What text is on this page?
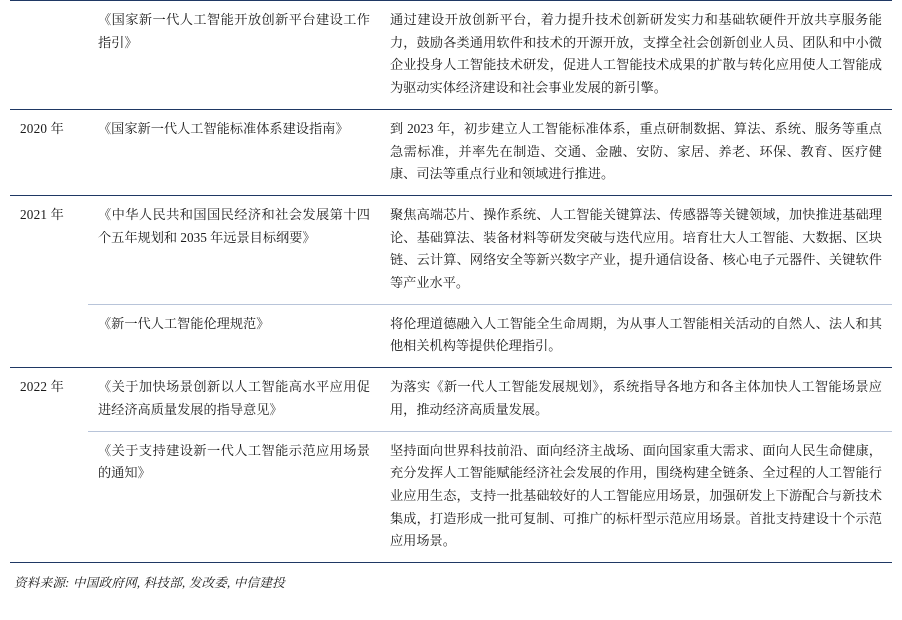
	《国家新一代人工智能开放创新平台建设工作指引》	通过建设开放创新平台，着力提升技术创新研发实力和基础软硬件开放共享服务能力，鼓励各类通用软件和技术的开源开放，支撑全社会创新创业人员、团队和中小微企业投身人工智能技术研发，促进人工智能技术成果的扩散与转化应用使人工智能成为驱动实体经济建设和社会事业发展的新引擎。
2020 年	《国家新一代人工智能标准体系建设指南》	到 2023 年，初步建立人工智能标准体系，重点研制数据、算法、系统、服务等重点急需标准，并率先在制造、交通、金融、安防、家居、养老、环保、教育、医疗健康、司法等重点行业和领域进行推进。
2021 年	《中华人民共和国国民经济和社会发展第十四个五年规划和 2035 年远景目标纲要》	聚焦高端芯片、操作系统、人工智能关键算法、传感器等关键领域，加快推进基础理论、基础算法、装备材料等研发突破与迭代应用。培育壮大人工智能、大数据、区块链、云计算、网络安全等新兴数字产业，提升通信设备、核心电子元器件、关键软件等产业水平。
	《新一代人工智能伦理规范》	将伦理道德融入人工智能全生命周期，为从事人工智能相关活动的自然人、法人和其他相关机构等提供伦理指引。
2022 年	《关于加快场景创新以人工智能高水平应用促进经济高质量发展的指导意见》	为落实《新一代人工智能发展规划》，系统指导各地方和各主体加快人工智能场景应用，推动经济高质量发展。
	《关于支持建设新一代人工智能示范应用场景的通知》	坚持面向世界科技前沿、面向经济主战场、面向国家重大需求、面向人民生命健康，充分发挥人工智能赋能经济社会发展的作用，围绕构建全链条、全过程的人工智能行业应用生态，支持一批基础较好的人工智能应用场景，加强研发上下游配合与新技术集成，打造形成一批可复制、可推广的标杆型示范应用场景。首批支持建设十个示范应用场景。
资料来源: 中国政府网, 科技部, 发改委, 中信建投
